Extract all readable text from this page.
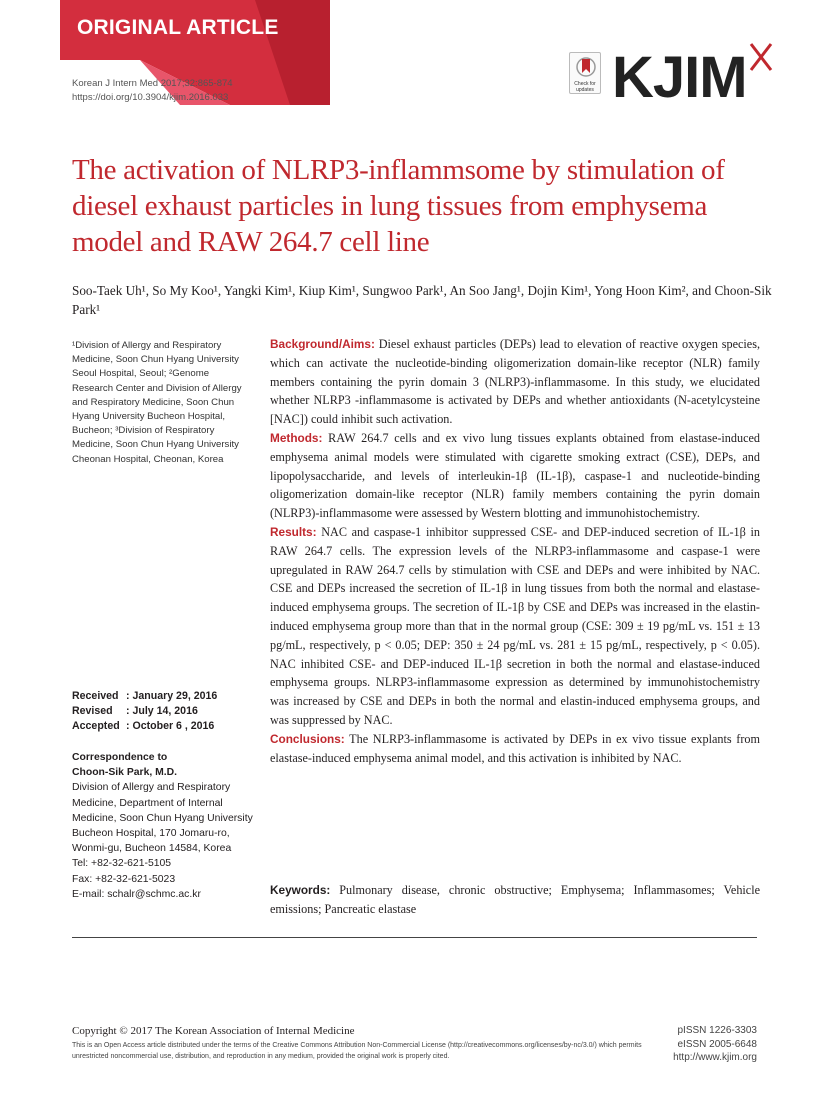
ORIGINAL ARTICLE
Korean J Intern Med 2017;32:865-874
https://doi.org/10.3904/kjim.2016.033
Check for updates KJIM
The activation of NLRP3-inflammsome by stimulation of diesel exhaust particles in lung tissues from emphysema model and RAW 264.7 cell line
Soo-Taek Uh¹, So My Koo¹, Yangki Kim¹, Kiup Kim¹, Sungwoo Park¹, An Soo Jang¹, Dojin Kim¹, Yong Hoon Kim², and Choon-Sik Park¹
¹Division of Allergy and Respiratory Medicine, Soon Chun Hyang University Seoul Hospital, Seoul; ²Genome Research Center and Division of Allergy and Respiratory Medicine, Soon Chun Hyang University Bucheon Hospital, Bucheon; ³Division of Respiratory Medicine, Soon Chun Hyang University Cheonan Hospital, Cheonan, Korea

Background/Aims: Diesel exhaust particles (DEPs) lead to elevation of reactive oxygen species, which can activate the nucleotide-binding oligomerization domain-like receptor (NLR) family members containing the pyrin domain 3 (NLRP3)-inflammasome. In this study, we elucidated whether NLRP3 -inflammasome is activated by DEPs and whether antioxidants (N-acetylcysteine [NAC]) could inhibit such activation.

Methods: RAW 264.7 cells and ex vivo lung tissues explants obtained from elastase-induced emphysema animal models were stimulated with cigarette smoking extract (CSE), DEPs, and lipopolysaccharide, and levels of interleukin-1β (IL-1β), caspase-1 and nucleotide-binding oligomerization domain-like receptor (NLR) family members containing the pyrin domain (NLRP3)-inflammasome were assessed by Western blotting and immunohistochemistry.

Results: NAC and caspase-1 inhibitor suppressed CSE- and DEP-induced secretion of IL-1β in RAW 264.7 cells. The expression levels of the NLRP3-inflammasome and caspase-1 were upregulated in RAW 264.7 cells by stimulation with CSE and DEPs and were inhibited by NAC. CSE and DEPs increased the secretion of IL-1β in lung tissues from both the normal and elastase-induced emphysema groups. The secretion of IL-1β by CSE and DEPs was increased in the elastin-induced emphysema group more than that in the normal group (CSE: 309 ± 19 pg/mL vs. 151 ± 13 pg/mL, respectively, p < 0.05; DEP: 350 ± 24 pg/mL vs. 281 ± 15 pg/mL, respectively, p < 0.05). NAC inhibited CSE- and DEP-induced IL-1β secretion in both the normal and elastase-induced emphysema groups. NLRP3-inflammasome expression as determined by immunohistochemistry was increased by CSE and DEPs in both the normal and elastin-induced emphysema groups, and was suppressed by NAC.

Conclusions: The NLRP3-inflammasome is activated by DEPs in ex vivo tissue explants from elastase-induced emphysema animal model, and this activation is inhibited by NAC.

Keywords: Pulmonary disease, chronic obstructive; Emphysema; Inflammasomes; Vehicle emissions; Pancreatic elastase
Received : January 29, 2016
Revised : July 14, 2016
Accepted : October 6 , 2016
Correspondence to
Choon-Sik Park, M.D.
Division of Allergy and Respiratory Medicine, Department of Internal Medicine, Soon Chun Hyang University Bucheon Hospital, 170 Jomaru-ro, Wonmi-gu, Bucheon 14584, Korea
Tel: +82-32-621-5105
Fax: +82-32-621-5023
E-mail: schalr@schmc.ac.kr
Copyright © 2017 The Korean Association of Internal Medicine
This is an Open Access article distributed under the terms of the Creative Commons Attribution Non-Commercial License (http://creativecommons.org/licenses/by-nc/3.0/) which permits unrestricted noncommercial use, distribution, and reproduction in any medium, provided the original work is properly cited.
pISSN 1226-3303
eISSN 2005-6648
http://www.kjim.org
